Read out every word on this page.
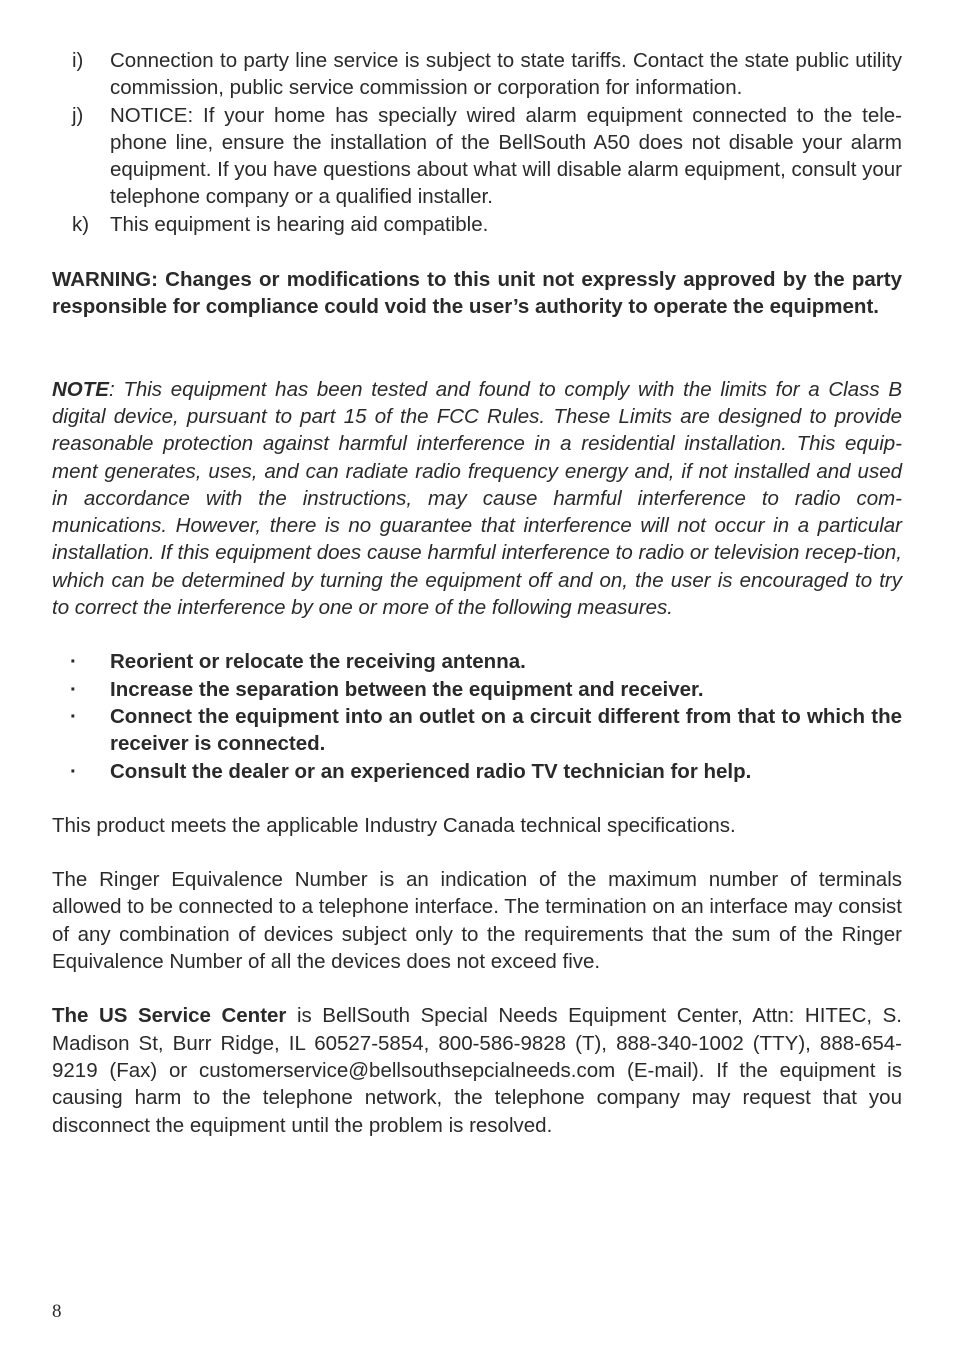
i)	Connection to party line service is subject to state tariffs. Contact the state public utility commission, public service commission or corporation for information.
j)	NOTICE: If your home has specially wired alarm equipment connected to the tele-phone line, ensure the installation of the BellSouth A50 does not disable your alarm equipment. If you have questions about what will disable alarm equipment, consult your telephone company or a qualified installer.
k)	This equipment is hearing aid compatible.
WARNING: Changes or modifications to this unit not expressly approved by the party responsible for compliance could void the user’s authority to operate the equipment.
NOTE: This equipment has been tested and found to comply with the limits for a Class B digital device, pursuant to part 15 of the FCC Rules. These Limits are designed to provide reasonable protection against harmful interference in a residential installation. This equip-ment generates, uses, and can radiate radio frequency energy and, if not installed and used in accordance with the instructions, may cause harmful interference to radio com-munications. However, there is no guarantee that interference will not occur in a particular installation. If this equipment does cause harmful interference to radio or television recep-tion, which can be determined by turning the equipment off and on, the user is encouraged to try to correct the interference by one or more of the following measures.
·	Reorient or relocate the receiving antenna.
·	Increase the separation between the equipment and receiver.
·	Connect the equipment into an outlet on a circuit different from that to which the receiver is connected.
·	Consult the dealer or an experienced radio TV technician for help.
This product meets the applicable Industry Canada technical specifications.
The Ringer Equivalence Number is an indication of the maximum number of terminals allowed to be connected to a telephone interface. The termination on an interface may consist of any combination of devices subject only to the requirements that the sum of the Ringer Equivalence Number of all the devices does not exceed five.
The US Service Center is BellSouth Special Needs Equipment Center, Attn: HITEC, S. Madison St, Burr Ridge, IL 60527-5854, 800-586-9828 (T), 888-340-1002 (TTY), 888-654-9219 (Fax) or customerservice@bellsouthsepcialneeds.com (E-mail). If the equipment is causing harm to the telephone network, the telephone company may request that you disconnect the equipment until the problem is resolved.
8
